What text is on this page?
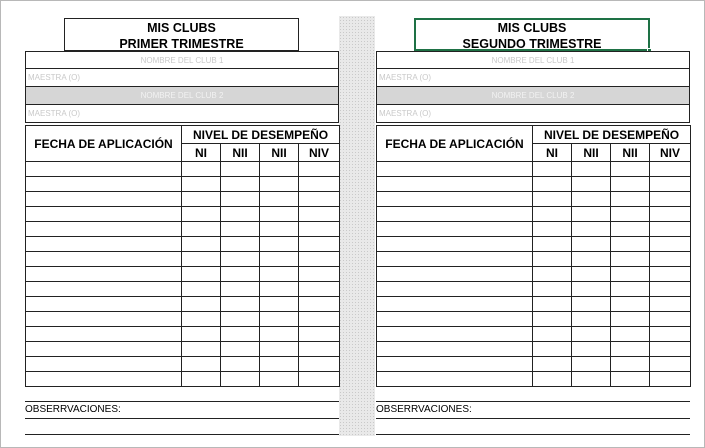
MIS CLUBS
PRIMER TRIMESTRE
NOMBRE DEL CLUB 1
MAESTRA (O)
NOMBRE DEL CLUB 2
MAESTRA (O)
FECHA DE APLICACIÓN	NIVEL DE DESEMPEÑO			
	NI	NII	NII	NIV

OBSERRVACIONES:
MIS CLUBS
SEGUNDO TRIMESTRE
NOMBRE DEL CLUB 1
MAESTRA (O)
NOMBRE DEL CLUB 2
MAESTRA (O)
FECHA DE APLICACIÓN	NIVEL DE DESEMPEÑO			
	NI	NII	NII	NIV

OBSERRVACIONES:
